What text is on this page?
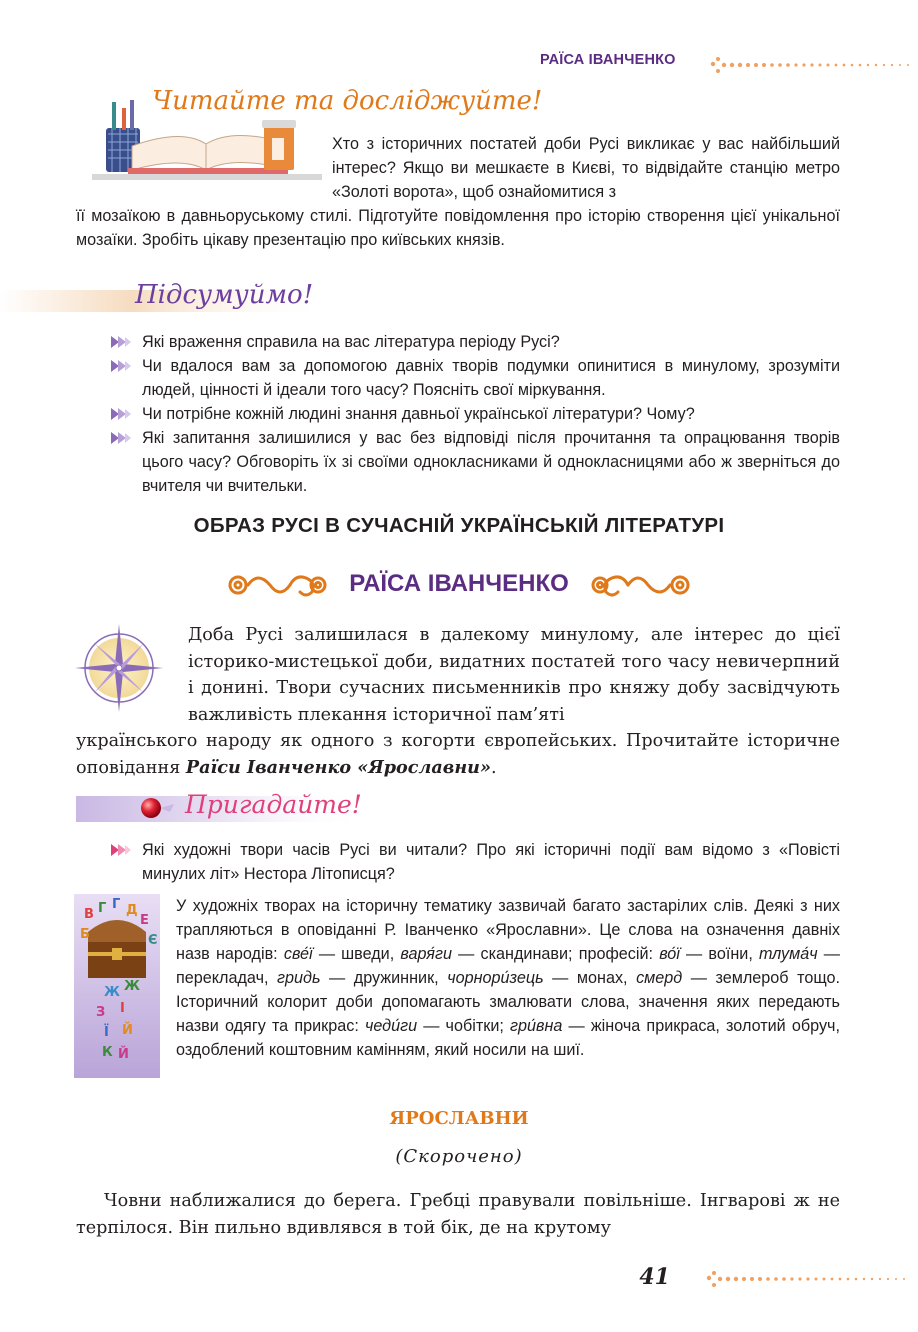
РАЇСА ІВАНЧЕНКО
Читайте та досліджуйте!
Хто з історичних постатей доби Русі викликає у вас найбільший інтерес? Якщо ви мешкаєте в Києві, то відвідайте станцію метро «Золоті ворота», щоб ознайомитися з
її мозаїкою в давньоруському стилі. Підготуйте повідомлення про історію створення цієї унікальної мозаїки. Зробіть цікаву презентацію про київських князів.
Підсумуймо!
Які враження справила на вас література періоду Русі?
Чи вдалося вам за допомогою давніх творів подумки опинитися в минулому, зрозуміти людей, цінності й ідеали того часу? Поясніть свої міркування.
Чи потрібне кожній людині знання давньої української літератури? Чому?
Які запитання залишилися у вас без відповіді після прочитання та опрацювання творів цього часу? Обговоріть їх зі своїми однокласниками й однокласницями або ж зверніться до вчителя чи вчительки.
ОБРАЗ РУСІ В СУЧАСНІЙ УКРАЇНСЬКІЙ ЛІТЕРАТУРІ
РАЇСА ІВАНЧЕНКО
Доба Русі залишилася в далекому минулому, але інтерес до цієї історико-мистецької доби, видатних постатей того часу невичерпний і донині. Твори сучасних письменників про княжу добу засвідчують важливість плекання історичної пам’яті
українського народу як одного з когорти європейських. Прочитайте історичне оповідання Раїси Іванченко «Ярославни».
Пригадайте!
Які художні твори часів Русі ви читали? Про які історичні події вам відомо з «Повісті минулих літ» Нестора Літописця?
B Г Г Д
Е
Б	Є
Ж Ж
З І
Ї Й
К Й
У художніх творах на історичну тематику зазвичай багато застарілих слів. Деякі з них трапляються в оповіданні Р. Іванченко «Ярославни». Це слова на означення давніх назв народів: све́ї — шведи, варя́ги — скандинави; професій: во́ї — воїни, тлума́ч — перекладач, гридь — дружинник, чорнори́зець — монах, смерд — землероб тощо. Історичний колорит доби допомагають змалювати слова, значення яких передають назви одягу та прикрас: чеди́ги — чобітки; гри́вна — жіноча прикраса, золотий обруч, оздоблений коштовним камінням, який носили на шиї.
ЯРОСЛАВНИ
(Скорочено)
Човни наближалися до берега. Гребці правували повільніше. Інгварові ж не терпілося. Він пильно вдивлявся в той бік, де на крутому
41
